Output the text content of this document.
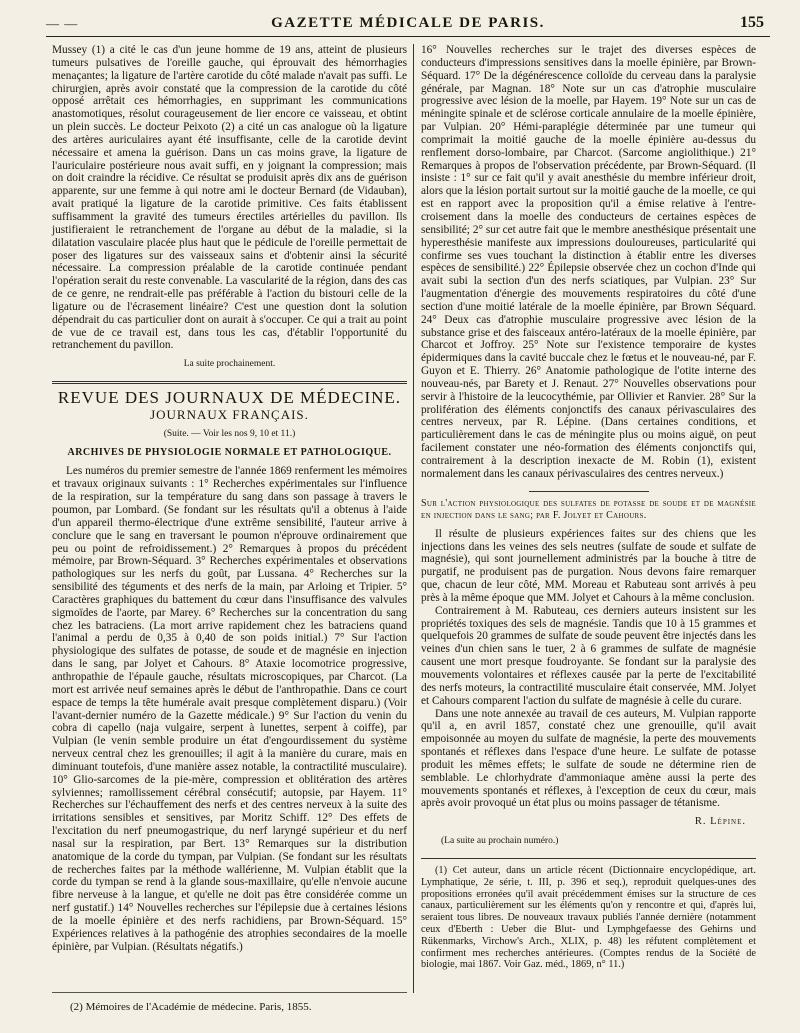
— —	GAZETTE MÉDICALE DE PARIS.	155

Mussey (1) a cité le cas d'un jeune homme de 19 ans, atteint de plusieurs tumeurs pulsatives de l'oreille gauche, qui éprouvait des hémorrhagies menaçantes; la ligature de l'artère carotide du côté malade n'avait pas suffi. Le chirurgien, après avoir constaté que la compression de la carotide du côté opposé arrêtait ces hémorrhagies, en supprimant les communications anastomotiques, résolut courageusement de lier encore ce vaisseau, et obtint un plein succès. Le docteur Peixoto (2) a cité un cas analogue où la ligature des artères auriculaires ayant été insuffisante, celle de la carotide devint nécessaire et amena la guérison. Dans un cas moins grave, la ligature de l'auriculaire postérieure nous avait suffi, en y joignant la compression; mais on doit craindre la récidive. Ce résultat se produisit après dix ans de guérison apparente, sur une femme à qui notre ami le docteur Bernard (de Vidauban), avait pratiqué la ligature de la carotide primitive. Ces faits établissent suffisamment la gravité des tumeurs érectiles artérielles du pavillon. Ils justifieraient le retranchement de l'organe au début de la maladie, si la dilatation vasculaire placée plus haut que le pédicule de l'oreille permettait de poser des ligatures sur des vaisseaux sains et d'obtenir ainsi la sécurité nécessaire. La compression préalable de la carotide continuée pendant l'opération serait du reste convenable. La vascularité de la région, dans des cas de ce genre, ne rendrait-elle pas préférable à l'action du bistouri celle de la ligature ou de l'écrasement linéaire? C'est une question dont la solution dépendrait du cas particulier dont on aurait à s'occuper. Ce qui a trait au point de vue de ce travail est, dans tous les cas, d'établir l'opportunité du retranchement du pavillon.

La suite prochainement.

REVUE DES JOURNAUX DE MÉDECINE.

JOURNAUX FRANÇAIS.

(Suite. — Voir les nos 9, 10 et 11.)

ARCHIVES DE PHYSIOLOGIE NORMALE ET PATHOLOGIQUE.

Les numéros du premier semestre de l'année 1869 renferment les mémoires et travaux originaux suivants : 1° Recherches expérimentales sur l'influence de la respiration, sur la température du sang dans son passage à travers le poumon, par Lombard. (Se fondant sur les résultats qu'il a obtenus à l'aide d'un appareil thermo-électrique d'une extrême sensibilité, l'auteur arrive à conclure que le sang en traversant le poumon n'éprouve ordinairement que peu ou point de refroidissement.) 2° Remarques à propos du précédent mémoire, par Brown-Séquard. 3° Recherches expérimentales et observations pathologiques sur les nerfs du goût, par Lussana. 4° Recherches sur la sensibilité des téguments et des nerfs de la main, par Arloing et Tripier. 5° Caractères graphiques du battement du cœur dans l'insuffisance des valvules sigmoïdes de l'aorte, par Marey. 6° Recherches sur la concentration du sang chez les batraciens. (La mort arrive rapidement chez les batraciens quand l'animal a perdu de 0,35 à 0,40 de son poids initial.) 7° Sur l'action physiologique des sulfates de potasse, de soude et de magnésie en injection dans le sang, par Jolyet et Cahours. 8° Ataxie locomotrice progressive, anthropathie de l'épaule gauche, résultats microscopiques, par Charcot. (La mort est arrivée neuf semaines après le début de l'anthropathie. Dans ce court espace de temps la tête humérale avait presque complètement disparu.) (Voir l'avant-dernier numéro de la Gazette médicale.) 9° Sur l'action du venin du cobra di capello (naja vulgaire, serpent à lunettes, serpent à coiffe), par Vulpian (le venin semble produire un état d'engourdissement du système nerveux central chez les grenouilles; il agit à la manière du curare, mais en diminuant toutefois, d'une manière assez notable, la contractilité musculaire). 10° Glio-sarcomes de la pie-mère, compression et oblitération des artères sylviennes; ramollissement cérébral consécutif; autopsie, par Hayem. 11° Recherches sur l'échauffement des nerfs et des centres nerveux à la suite des irritations sensibles et sensitives, par Moritz Schiff. 12° Des effets de l'excitation du nerf pneumogastrique, du nerf laryngé supérieur et du nerf nasal sur la respiration, par Bert. 13° Remarques sur la distribution anatomique de la corde du tympan, par Vulpian. (Se fondant sur les résultats de recherches faites par la méthode wallérienne, M. Vulpian établit que la corde du tympan se rend à la glande sous-maxillaire, qu'elle n'envoie aucune fibre nerveuse à la langue, et qu'elle ne doit pas être considérée comme un nerf gustatif.) 14° Nouvelles recherches sur l'épilepsie due à certaines lésions de la moelle épinière et des nerfs rachidiens, par Brown-Séquard. 15° Expériences relatives à la pathogénie des atrophies secondaires de la moelle épinière, par Vulpian. (Résultats négatifs.)

(2) Mémoires de l'Académie de médecine. Paris, 1855.

16° Nouvelles recherches sur le trajet des diverses espèces de conducteurs d'impressions sensitives dans la moelle épinière, par Brown-Séquard. 17° De la dégénérescence colloïde du cerveau dans la paralysie générale, par Magnan. 18° Note sur un cas d'atrophie musculaire progressive avec lésion de la moelle, par Hayem. 19° Note sur un cas de méningite spinale et de sclérose corticale annulaire de la moelle épinière, par Vulpian. 20° Hémi-paraplégie déterminée par une tumeur qui comprimait la moitié gauche de la moelle épinière au-dessus du renflement dorso-lombaire, par Charcot. (Sarcome angiolithique.) 21° Remarques à propos de l'observation précédente, par Brown-Séquard. (Il insiste : 1° sur ce fait qu'il y avait anesthésie du membre inférieur droit, alors que la lésion portait surtout sur la moitié gauche de la moelle, ce qui est en rapport avec la proposition qu'il a émise relative à l'entre-croisement dans la moelle des conducteurs de certaines espèces de sensibilité; 2° sur cet autre fait que le membre anesthésique présentait une hyperesthésie manifeste aux impressions douloureuses, particularité qui confirme ses vues touchant la distinction à établir entre les diverses espèces de sensibilité.) 22° Épilepsie observée chez un cochon d'Inde qui avait subi la section d'un des nerfs sciatiques, par Vulpian. 23° Sur l'augmentation d'énergie des mouvements respiratoires du côté d'une section d'une moitié latérale de la moelle épinière, par Brown Séquard. 24° Deux cas d'atrophie musculaire progressive avec lésion de la substance grise et des faisceaux antéro-latéraux de la moelle épinière, par Charcot et Joffroy. 25° Note sur l'existence temporaire de kystes épidermiques dans la cavité buccale chez le fœtus et le nouveau-né, par F. Guyon et E. Thierry. 26° Anatomie pathologique de l'otite interne des nouveau-nés, par Barety et J. Renaut. 27° Nouvelles observations pour servir à l'histoire de la leucocythémie, par Ollivier et Ranvier. 28° Sur la prolifération des éléments conjonctifs des canaux périvasculaires des centres nerveux, par R. Lépine. (Dans certaines conditions, et particulièrement dans le cas de méningite plus ou moins aiguë, on peut facilement constater une néo-formation des éléments conjonctifs qui, contrairement à la description inexacte de M. Robin (1), existent normalement dans les canaux périvasculaires des centres nerveux.)

Sur l'action physiologique des sulfates de potasse de soude et de magnésie en injection dans le sang; par F. Jolyet et Cahours.

Il résulte de plusieurs expériences faites sur des chiens que les injections dans les veines des sels neutres (sulfate de soude et sulfate de magnésie), qui sont journellement administrés par la bouche à titre de purgatif, ne produisent pas de purgation. Nous devons faire remarquer que, chacun de leur côté, MM. Moreau et Rabuteau sont arrivés à peu près à la même époque que MM. Jolyet et Cahours à la même conclusion.

Contrairement à M. Rabuteau, ces derniers auteurs insistent sur les propriétés toxiques des sels de magnésie. Tandis que 10 à 15 grammes et quelquefois 20 grammes de sulfate de soude peuvent être injectés dans les veines d'un chien sans le tuer, 2 à 6 grammes de sulfate de magnésie causent une mort presque foudroyante. Se fondant sur la paralysie des mouvements volontaires et réflexes causée par la perte de l'excitabilité des nerfs moteurs, la contractilité musculaire était conservée, MM. Jolyet et Cahours comparent l'action du sulfate de magnésie à celle du curare.

Dans une note annexée au travail de ces auteurs, M. Vulpian rapporte qu'il a, en avril 1857, constaté chez une grenouille, qu'il avait empoisonnée au moyen du sulfate de magnésie, la perte des mouvements spontanés et réflexes dans l'espace d'une heure. Le sulfate de potasse produit les mêmes effets; le sulfate de soude ne détermine rien de semblable. Le chlorhydrate d'ammoniaque amène aussi la perte des mouvements spontanés et réflexes, à l'exception de ceux du cœur, mais après avoir provoqué un état plus ou moins passager de tétanisme.

R. Lépine.

(La suite au prochain numéro.)

(1) Cet auteur, dans un article récent (Dictionnaire encyclopédique, art. Lymphatique, 2e série, t. III, p. 396 et seq.), reproduit quelques-unes des propositions erronées qu'il avait précédemment émises sur la structure de ces canaux, particulièrement sur les éléments qu'on y rencontre et qui, d'après lui, seraient tous libres. De nouveaux travaux publiés l'année dernière (notamment ceux d'Eberth : Ueber die Blut- und Lymphgefaesse des Gehirns und Rükenmarks, Virchow's Arch., XLIX, p. 48) les réfutent complètement et confirment mes recherches antérieures. (Comptes rendus de la Société de biologie, mai 1867. Voir Gaz. méd., 1869, n° 11.)
